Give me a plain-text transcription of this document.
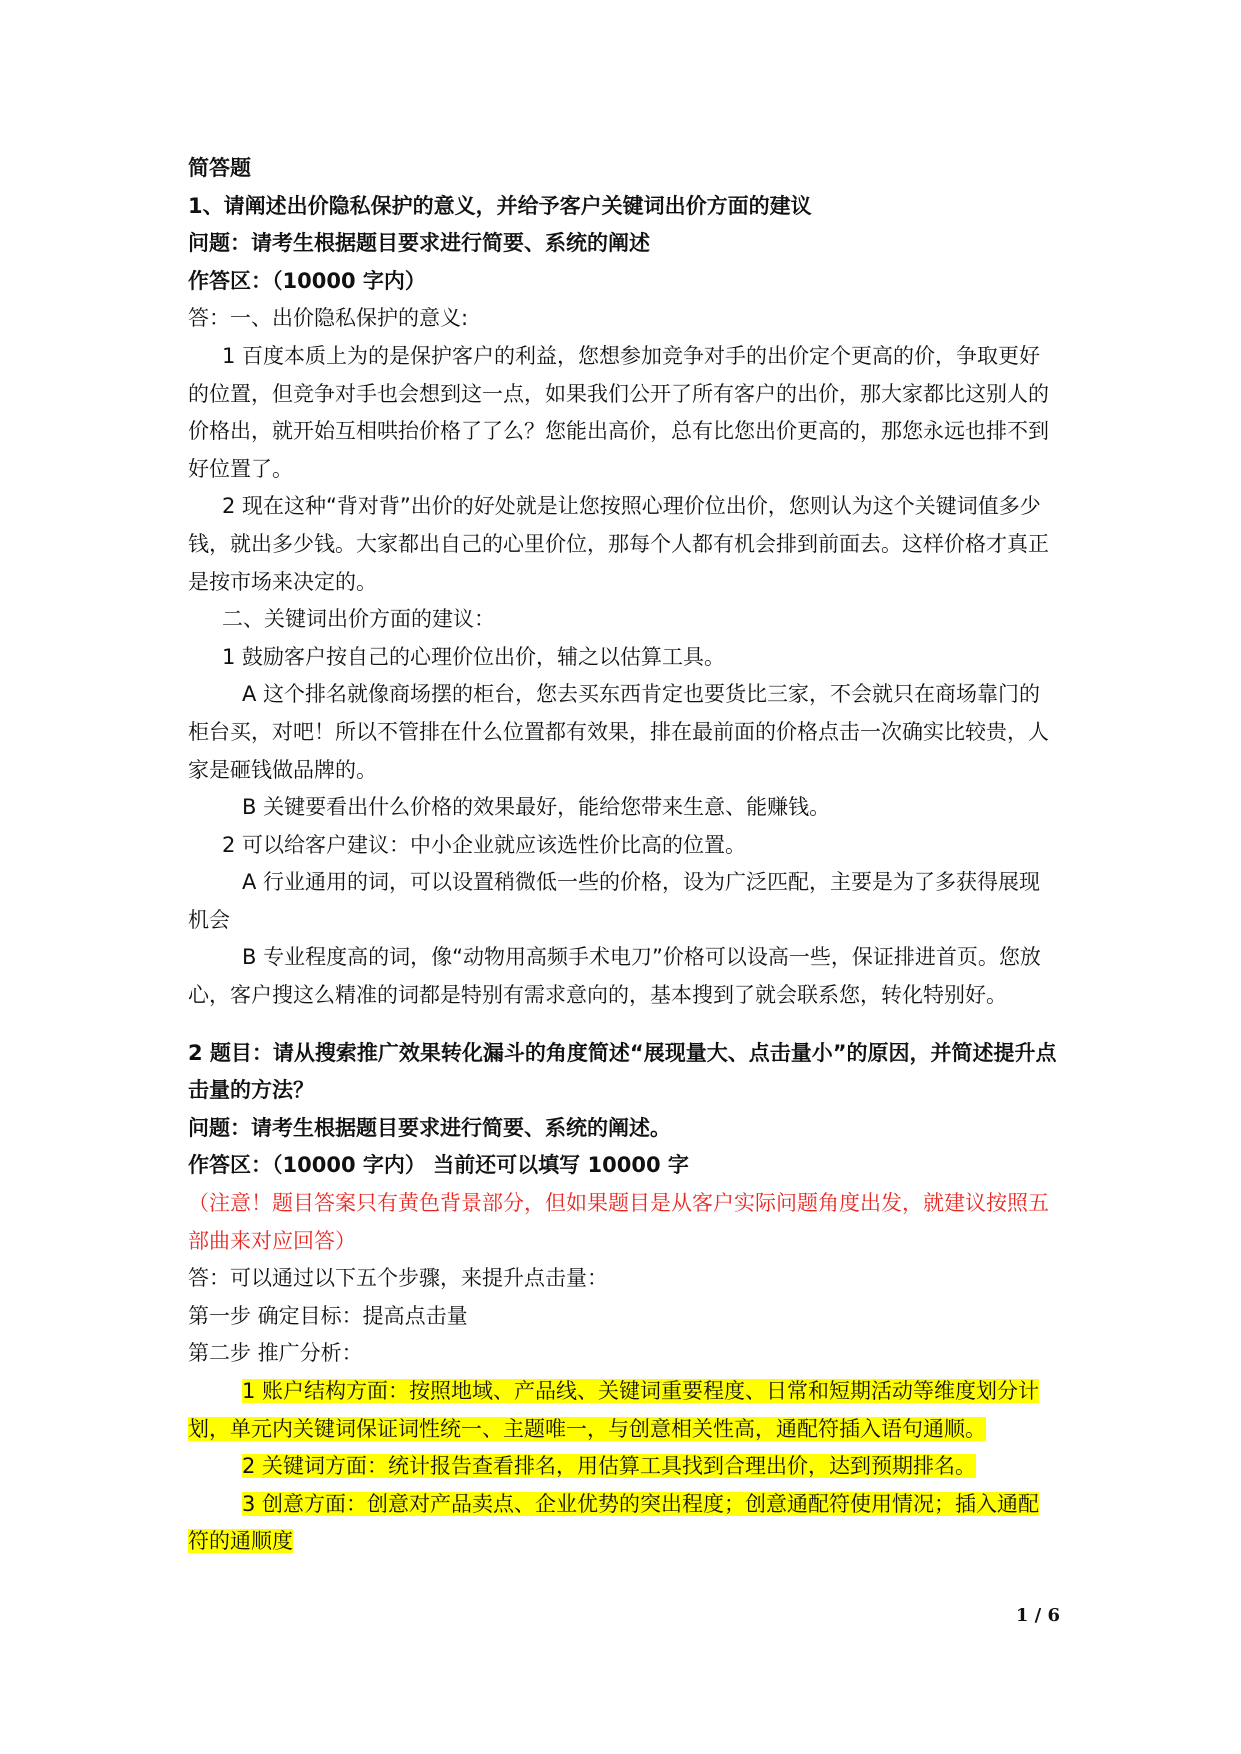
简答题

1、请阐述出价隐私保护的意义，并给予客户关键词出价方面的建议

问题：请考生根据题目要求进行简要、系统的阐述

作答区：（10000 字内）

答：一、出价隐私保护的意义:

1 百度本质上为的是保护客户的利益，您想参加竞争对手的出价定个更高的价，争取更好的位置，但竞争对手也会想到这一点，如果我们公开了所有客户的出价，那大家都比这别人的价格出，就开始互相哄抬价格了了么？您能出高价，总有比您出价更高的，那您永远也排不到好位置了。

2 现在这种“背对背”出价的好处就是让您按照心理价位出价，您则认为这个关键词值多少钱，就出多少钱。大家都出自己的心里价位，那每个人都有机会排到前面去。这样价格才真正是按市场来决定的。

二、关键词出价方面的建议：

1 鼓励客户按自己的心理价位出价，辅之以估算工具。

A 这个排名就像商场摆的柜台，您去买东西肯定也要货比三家，不会就只在商场靠门的柜台买，对吧！所以不管排在什么位置都有效果，排在最前面的价格点击一次确实比较贵，人家是砸钱做品牌的。

B 关键要看出什么价格的效果最好，能给您带来生意、能赚钱。

2 可以给客户建议：中小企业就应该选性价比高的位置。

A 行业通用的词，可以设置稍微低一些的价格，设为广泛匹配，主要是为了多获得展现机会

B 专业程度高的词，像“动物用高频手术电刀”价格可以设高一些，保证排进首页。您放心，客户搜这么精准的词都是特别有需求意向的，基本搜到了就会联系您，转化特别好。

2 题目：请从搜索推广效果转化漏斗的角度简述“展现量大、点击量小”的原因，并简述提升点击量的方法？

问题：请考生根据题目要求进行简要、系统的阐述。

作答区：（10000 字内） 当前还可以填写 10000 字

（注意！题目答案只有黄色背景部分，但如果题目是从客户实际问题角度出发，就建议按照五部曲来对应回答）

答：可以通过以下五个步骤，来提升点击量：

第一步 确定目标：提高点击量

第二步 推广分析：

1 账户结构方面：按照地域、产品线、关键词重要程度、日常和短期活动等维度划分计划，单元内关键词保证词性统一、主题唯一，与创意相关性高，通配符插入语句通顺。

2 关键词方面：统计报告查看排名，用估算工具找到合理出价，达到预期排名。

3 创意方面：创意对产品卖点、企业优势的突出程度；创意通配符使用情况；插入通配符的通顺度

1 / 6
